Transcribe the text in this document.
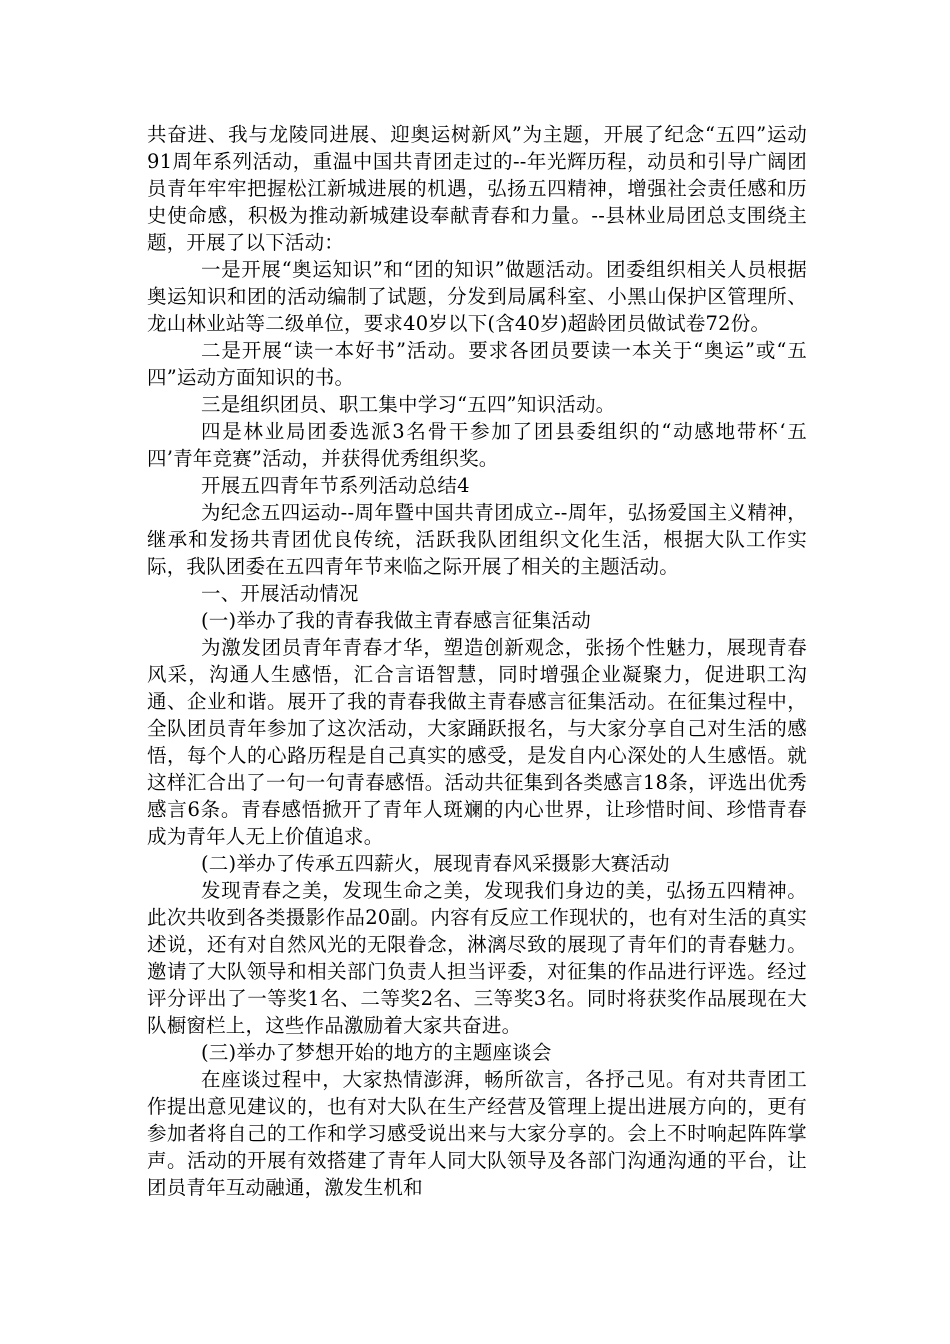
共奋进、我与龙陵同进展、迎奥运树新风”为主题，开展了纪念“五四”运动91周年系列活动，重温中国共青团走过的--年光辉历程，动员和引导广阔团员青年牢牢把握松江新城进展的机遇，弘扬五四精神，增强社会责任感和历史使命感，积极为推动新城建设奉献青春和力量。--县林业局团总支围绕主题，开展了以下活动：

一是开展“奥运知识”和“团的知识”做题活动。团委组织相关人员根据奥运知识和团的活动编制了试题，分发到局属科室、小黑山保护区管理所、龙山林业站等二级单位，要求40岁以下(含40岁)超龄团员做试卷72份。

二是开展“读一本好书”活动。要求各团员要读一本关于“奥运”或“五四”运动方面知识的书。

三是组织团员、职工集中学习“五四”知识活动。

四是林业局团委选派3名骨干参加了团县委组织的“动感地带杯‘五四’青年竞赛”活动，并获得优秀组织奖。

开展五四青年节系列活动总结4

为纪念五四运动--周年暨中国共青团成立--周年，弘扬爱国主义精神，继承和发扬共青团优良传统，活跃我队团组织文化生活，根据大队工作实际，我队团委在五四青年节来临之际开展了相关的主题活动。

一、开展活动情况

(一)举办了我的青春我做主青春感言征集活动

为激发团员青年青春才华，塑造创新观念，张扬个性魅力，展现青春风采，沟通人生感悟，汇合言语智慧，同时增强企业凝聚力，促进职工沟通、企业和谐。展开了我的青春我做主青春感言征集活动。在征集过程中，全队团员青年参加了这次活动，大家踊跃报名，与大家分享自己对生活的感悟，每个人的心路历程是自己真实的感受，是发自内心深处的人生感悟。就这样汇合出了一句一句青春感悟。活动共征集到各类感言18条，评选出优秀感言6条。青春感悟掀开了青年人斑斓的内心世界，让珍惜时间、珍惜青春成为青年人无上价值追求。

(二)举办了传承五四薪火，展现青春风采摄影大赛活动

发现青春之美，发现生命之美，发现我们身边的美，弘扬五四精神。此次共收到各类摄影作品20副。内容有反应工作现状的，也有对生活的真实述说，还有对自然风光的无限眷念，淋漓尽致的展现了青年们的青春魅力。邀请了大队领导和相关部门负责人担当评委，对征集的作品进行评选。经过评分评出了一等奖1名、二等奖2名、三等奖3名。同时将获奖作品展现在大队橱窗栏上，这些作品激励着大家共奋进。

(三)举办了梦想开始的地方的主题座谈会

在座谈过程中，大家热情澎湃，畅所欲言，各抒己见。有对共青团工作提出意见建议的，也有对大队在生产经营及管理上提出进展方向的，更有参加者将自己的工作和学习感受说出来与大家分享的。会上不时响起阵阵掌声。活动的开展有效搭建了青年人同大队领导及各部门沟通沟通的平台，让团员青年互动融通，激发生机和
